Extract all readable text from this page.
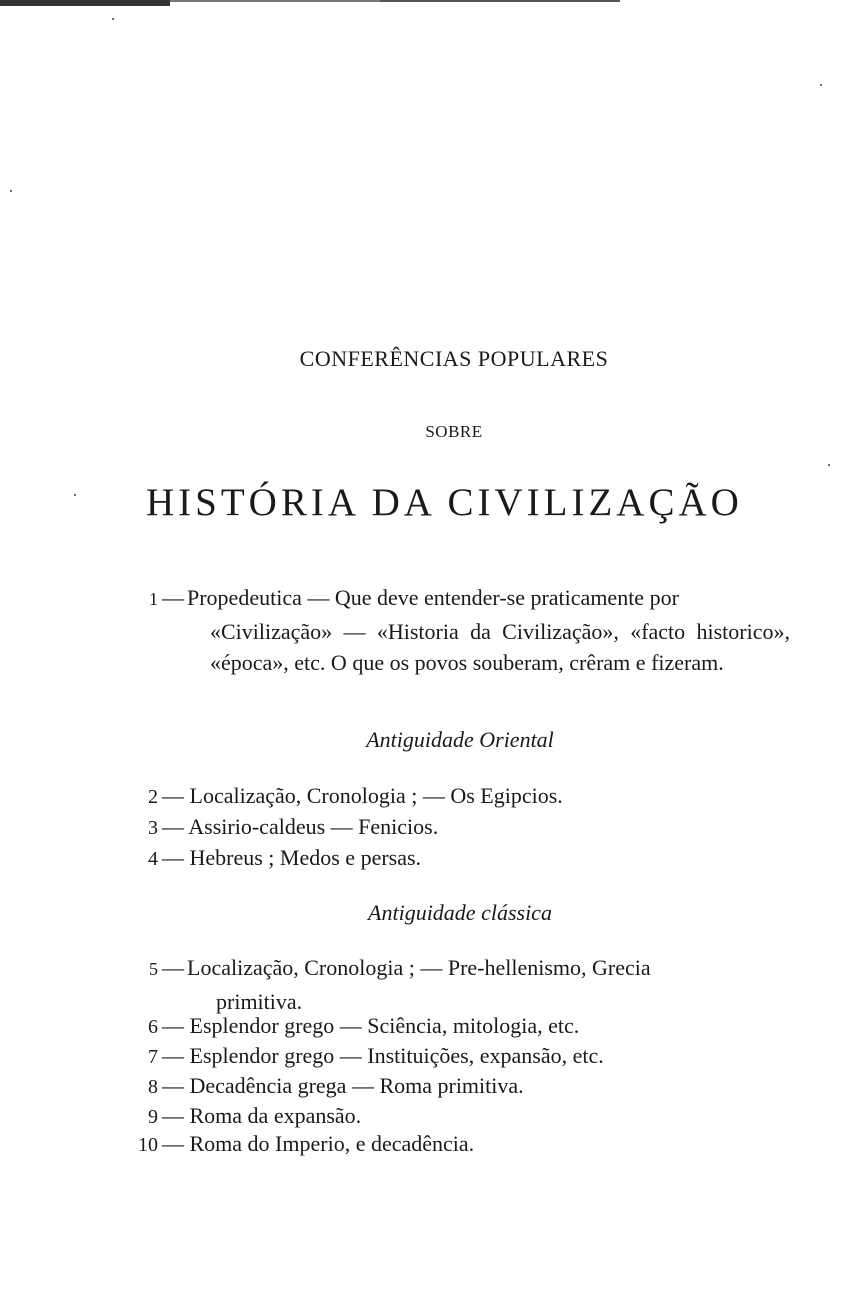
CONFERÊNCIAS POPULARES
SOBRE
HISTÓRIA DA CIVILIZAÇÃO
1 — Propedeutica — Que deve entender-se praticamente por
«Civilização» — «Historia da Civilização», «facto historico», «época», etc. O que os povos souberam, crêram e fizeram.
Antiguidade Oriental
2 — Localização, Cronologia ; — Os Egipcios.
3 — Assirio-caldeus — Fenicios.
4 — Hebreus ; Medos e persas.
Antiguidade clássica
5 — Localização, Cronologia ; — Pre-hellenismo, Grecia
primitiva.
6 — Esplendor grego — Sciência, mitologia, etc.
7 — Esplendor grego — Instituições, expansão, etc.
8 — Decadência grega — Roma primitiva.
9 — Roma da expansão.
10 — Roma do Imperio, e decadência.
